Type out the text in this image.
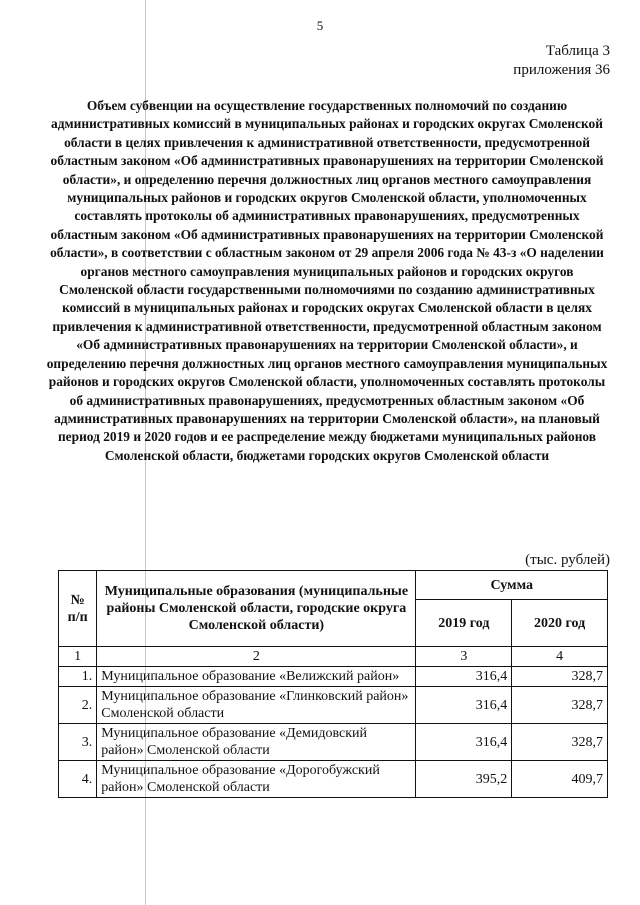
5
Таблица 3
приложения 36
Объем субвенции на осуществление государственных полномочий по созданию административных комиссий в муниципальных районах и городских округах Смоленской области в целях привлечения к административной ответственности, предусмотренной областным законом «Об административных правонарушениях на территории Смоленской области», и определению перечня должностных лиц органов местного самоуправления муниципальных районов и городских округов Смоленской области, уполномоченных составлять протоколы об административных правонарушениях, предусмотренных областным законом «Об административных правонарушениях на территории Смоленской области», в соответствии с областным законом от 29 апреля 2006 года № 43-з «О наделении органов местного самоуправления муниципальных районов и городских округов Смоленской области государственными полномочиями по созданию административных комиссий в муниципальных районах и городских округах Смоленской области в целях привлечения к административной ответственности, предусмотренной областным законом «Об административных правонарушениях на территории Смоленской области», и определению перечня должностных лиц органов местного самоуправления муниципальных районов и городских округов Смоленской области, уполномоченных составлять протоколы об административных правонарушениях, предусмотренных областным законом «Об административных правонарушениях на территории Смоленской области», на плановый период 2019 и 2020 годов и ее распределение между бюджетами муниципальных районов Смоленской области, бюджетами городских округов Смоленской области
(тыс. рублей)
№ п/п	Муниципальные образования (муниципальные районы Смоленской области, городские округа Смоленской области)	Сумма	
		2019 год	2020 год
1	2	3	4
1.	Муниципальное образование «Велижский район»	316,4	328,7
2.	Муниципальное образование «Глинковский район» Смоленской области	316,4	328,7
3.	Муниципальное образование «Демидовский район» Смоленской области	316,4	328,7
4.	Муниципальное образование «Дорогобужский район» Смоленской области	395,2	409,7
